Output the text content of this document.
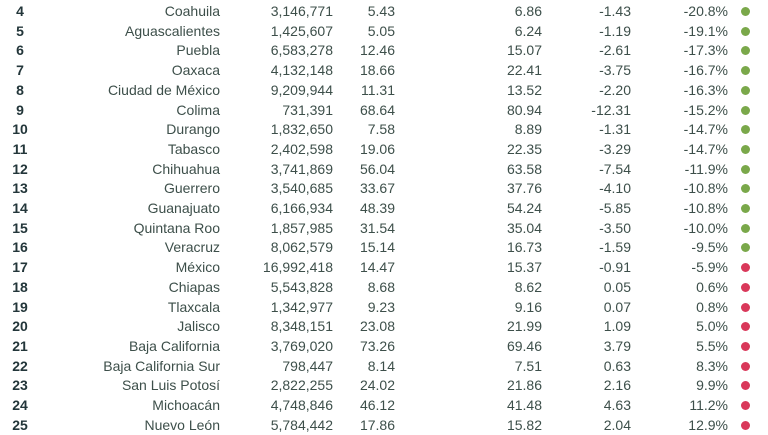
4	Coahuila	3,146,771 5.43	6.86	-1.43	-20.8%
5	Aguascalientes	1,425,607 5.05	6.24	-1.19	-19.1%
6	Puebla	6,583,278 12.46	15.07	-2.61	-17.3%
7	Oaxaca	4,132,148 18.66	22.41	-3.75	-16.7%
8	Ciudad de México	9,209,944 11.31	13.52	-2.20	-16.3%
9	Colima	731,391 68.64	80.94	-12.31	-15.2%
10	Durango	1,832,650 7.58	8.89	-1.31	-14.7%
11	Tabasco	2,402,598 19.06	22.35	-3.29	-14.7%
12	Chihuahua	3,741,869 56.04	63.58	-7.54	-11.9%
13	Guerrero	3,540,685 33.67	37.76	-4.10	-10.8%
14	Guanajuato	6,166,934 48.39	54.24	-5.85	-10.8%
15	Quintana Roo	1,857,985 31.54	35.04	-3.50	-10.0%
16	Veracruz	8,062,579 15.14	16.73	-1.59	-9.5%
17	México	16,992,418 14.47	15.37	-0.91	-5.9%
18	Chiapas	5,543,828 8.68	8.62	0.05	0.6%
19	Tlaxcala	1,342,977 9.23	9.16	0.07	0.8%
20	Jalisco	8,348,151 23.08	21.99	1.09	5.0%
21	Baja California	3,769,020 73.26	69.46	3.79	5.5%
22	Baja California Sur	798,447 8.14	7.51	0.63	8.3%
23	San Luis Potosí	2,822,255 24.02	21.86	2.16	9.9%
24	Michoacán	4,748,846 46.12	41.48	4.63	11.2%
25	Nuevo León	5,784,442 17.86	15.82	2.04	12.9%
